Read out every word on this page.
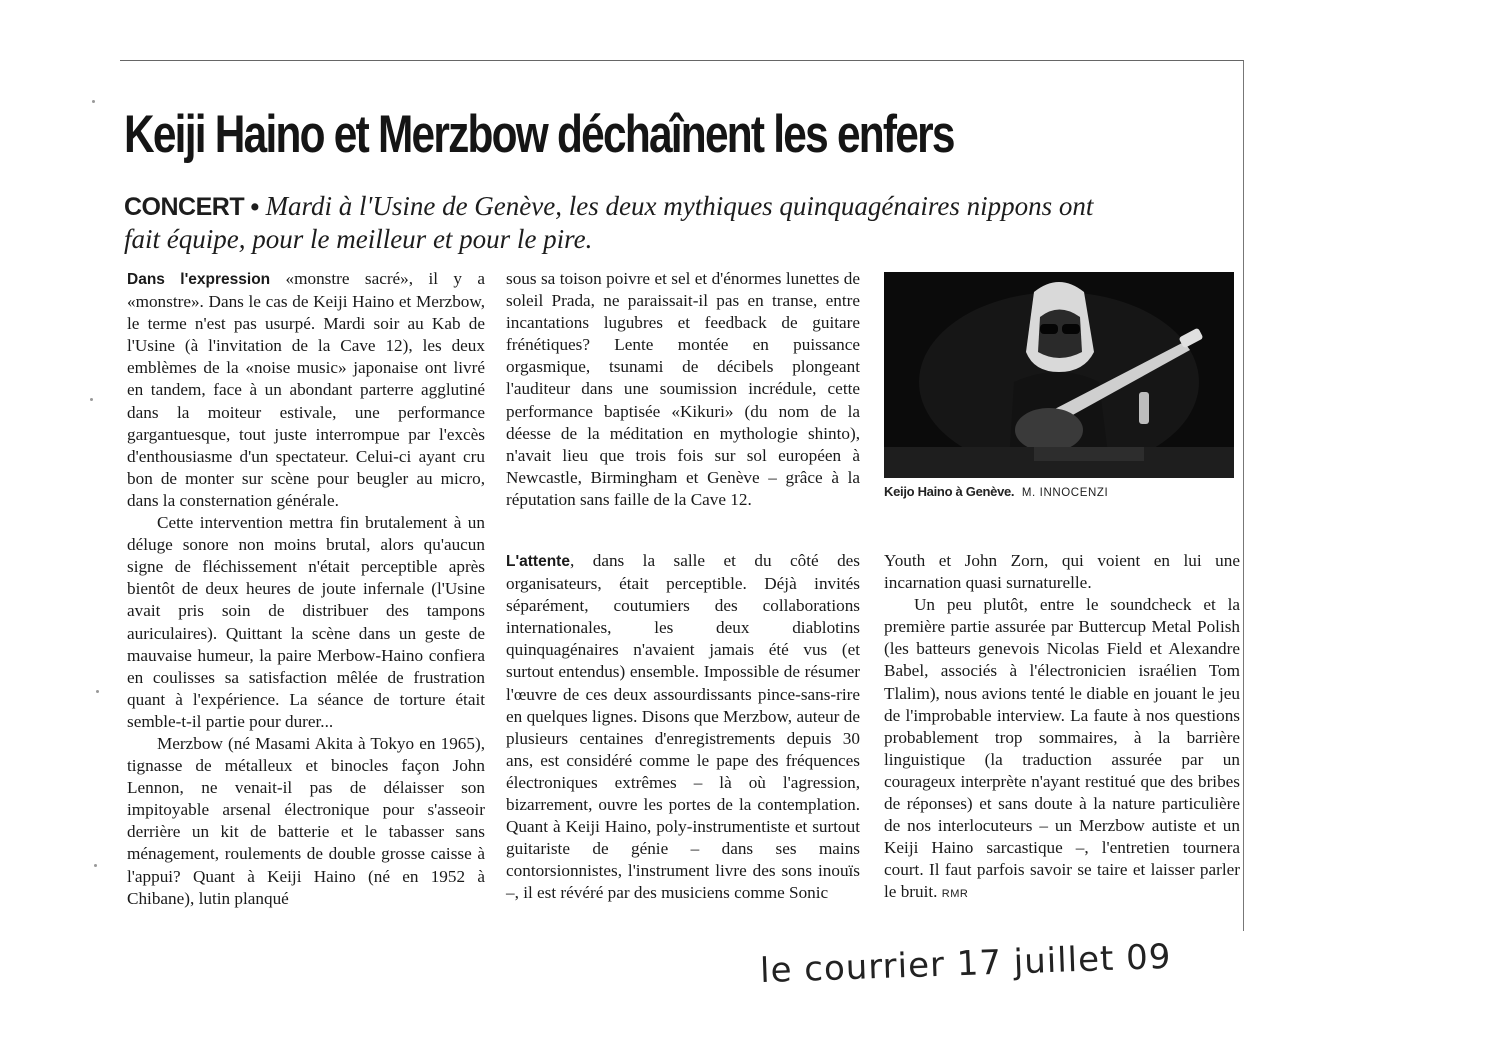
Keiji Haino et Merzbow déchaînent les enfers
CONCERT • Mardi à l'Usine de Genève, les deux mythiques quinquagénaires nippons ont fait équipe, pour le meilleur et pour le pire.

Dans l'expression «monstre sacré», il y a «monstre». Dans le cas de Keiji Haino et Merzbow, le terme n'est pas usurpé. Mardi soir au Kab de l'Usine (à l'invitation de la Cave 12), les deux emblèmes de la «noise music» japonaise ont livré en tandem, face à un abondant parterre agglutiné dans la moiteur estivale, une performance gargantuesque, tout juste interrompue par l'excès d'enthousiasme d'un spectateur. Celui-ci ayant cru bon de monter sur scène pour beugler au micro, dans la consternation générale.

Cette intervention mettra fin brutalement à un déluge sonore non moins brutal, alors qu'aucun signe de fléchissement n'était perceptible après bientôt de deux heures de joute infernale (l'Usine avait pris soin de distribuer des tampons auriculaires). Quittant la scène dans un geste de mauvaise humeur, la paire Merbow-Haino confiera en coulisses sa satisfaction mêlée de frustration quant à l'expérience. La séance de torture était semble-t-il partie pour durer...

Merzbow (né Masami Akita à Tokyo en 1965), tignasse de métalleux et binocles façon John Lennon, ne venait-il pas de délaisser son impitoyable arsenal électronique pour s'asseoir derrière un kit de batterie et le tabasser sans ménagement, roulements de double grosse caisse à l'appui? Quant à Keiji Haino (né en 1952 à Chibane), lutin planqué

sous sa toison poivre et sel et d'énormes lunettes de soleil Prada, ne paraissait-il pas en transe, entre incantations lugubres et feedback de guitare frénétiques? Lente montée en puissance orgasmique, tsunami de décibels plongeant l'auditeur dans une soumission incrédule, cette performance baptisée «Kikuri» (du nom de la déesse de la méditation en mythologie shinto), n'avait lieu que trois fois sur sol européen à Newcastle, Birmingham et Genève – grâce à la réputation sans faille de la Cave 12.

L'attente, dans la salle et du côté des organisateurs, était perceptible. Déjà invités séparément, coutumiers des collaborations internationales, les deux diablotins quinquagénaires n'avaient jamais été vus (et surtout entendus) ensemble. Impossible de résumer l'œuvre de ces deux assourdissants pince-sans-rire en quelques lignes. Disons que Merzbow, auteur de plusieurs centaines d'enregistrements depuis 30 ans, est considéré comme le pape des fréquences électroniques extrêmes – là où l'agression, bizarrement, ouvre les portes de la contemplation. Quant à Keiji Haino, poly-instrumentiste et surtout guitariste de génie – dans ses mains contorsionnistes, l'instrument livre des sons inouïs –, il est révéré par des musiciens comme Sonic

Keijo Haino à Genève. M. INNOCENZI

Youth et John Zorn, qui voient en lui une incarnation quasi surnaturelle.

Un peu plutôt, entre le soundcheck et la première partie assurée par Buttercup Metal Polish (les batteurs genevois Nicolas Field et Alexandre Babel, associés à l'électronicien israélien Tom Tlalim), nous avions tenté le diable en jouant le jeu de l'improbable interview. La faute à nos questions probablement trop sommaires, à la barrière linguistique (la traduction assurée par un courageux interprète n'ayant restitué que des bribes de réponses) et sans doute à la nature particulière de nos interlocuteurs – un Merzbow autiste et un Keiji Haino sarcastique –, l'entretien tournera court. Il faut parfois savoir se taire et laisser parler le bruit. RMR

le courrier 17 juillet 09
